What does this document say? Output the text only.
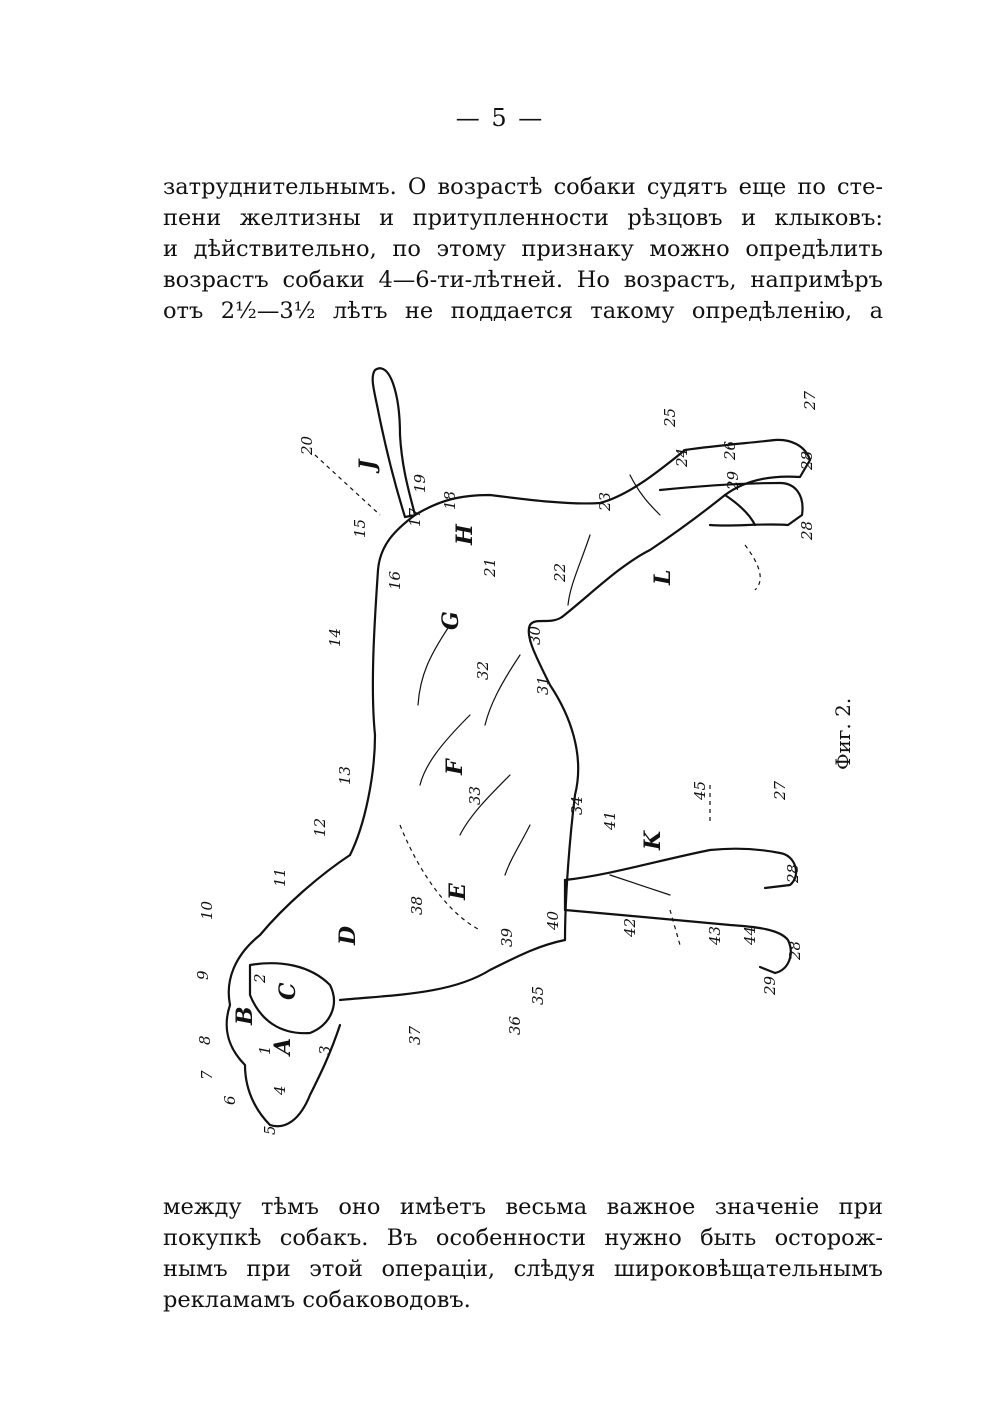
— 5 —
затруднительнымъ. О возрастѣ собаки судятъ еще по сте-
пени желтизны и притупленности рѣзцовъ и клыковъ:
и дѣйствительно, по этому признаку можно опредѣлить
возрастъ собаки 4—6-ти-лѣтней. Но возрастъ, напримѣръ
отъ 2½—3½ лѣтъ не поддается такому опредѣленію, а
A
B
C
D
E
F
G
H
J
K
L
1
2
3
4
5
6
7
8
9
10
11
12
13
14
15
16
17
18
19
20
21	22
23
24
25
26
27
27
28
28
28
28
29
29
30
31
32
33
34
35
36
37
38
39
40
41
42	43 44
45
Фиг. 2.
между тѣмъ оно имѣетъ весьма важное значеніе при
покупкѣ собакъ. Въ особенности нужно быть осторож-
нымъ при этой операціи, слѣдуя широковѣщательнымъ
рекламамъ собаководовъ.
